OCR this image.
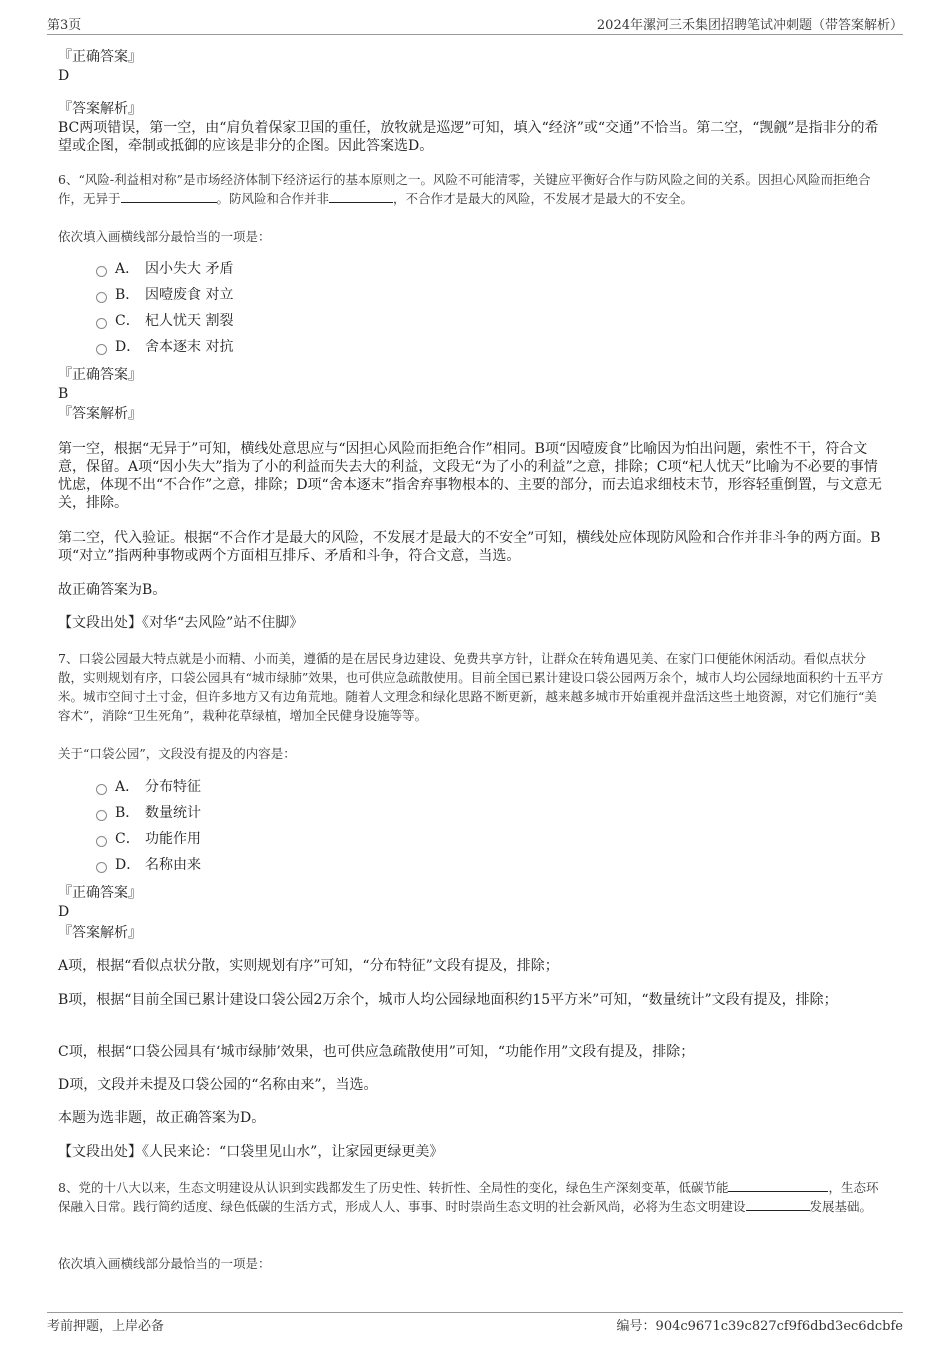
第3页	2024年漯河三禾集团招聘笔试冲刺题（带答案解析）
『正确答案』
D
『答案解析』
BC两项错误，第一空，由“肩负着保家卫国的重任，放牧就是巡逻”可知，填入“经济”或“交通”不恰当。第二空，“觊觎”是指非分的希望或企图，牵制或抵御的应该是非分的企图。因此答案选D。
6、“风险-利益相对称”是市场经济体制下经济运行的基本原则之一。风险不可能清零，关键应平衡好合作与防风险之间的关系。因担心风险而拒绝合作，无异于	。防风险和合作并非	，不合作才是最大的风险，不发展才是最大的不安全。
依次填入画横线部分最恰当的一项是：
A． 因小失大 矛盾
B． 因噎废食 对立
C． 杞人忧天 割裂
D． 舍本逐末 对抗
『正确答案』
B
『答案解析』
第一空，根据“无异于”可知，横线处意思应与“因担心风险而拒绝合作”相同。B项“因噎废食”比喻因为怕出问题，索性不干，符合文意，保留。A项“因小失大”指为了小的利益而失去大的利益，文段无“为了小的利益”之意，排除；C项“杞人忧天”比喻为不必要的事情忧虑，体现不出“不合作”之意，排除；D项“舍本逐末”指舍弃事物根本的、主要的部分，而去追求细枝末节，形容轻重倒置，与文意无关，排除。
第二空，代入验证。根据“不合作才是最大的风险，不发展才是最大的不安全”可知，横线处应体现防风险和合作并非斗争的两方面。B项“对立”指两种事物或两个方面相互排斥、矛盾和斗争，符合文意，当选。
故正确答案为B。
【文段出处】《对华“去风险”站不住脚》
7、口袋公园最大特点就是小而精、小而美，遵循的是在居民身边建设、免费共享方针，让群众在转角遇见美、在家门口便能休闲活动。看似点状分散，实则规划有序，口袋公园具有“城市绿肺”效果，也可供应急疏散使用。目前全国已累计建设口袋公园两万余个，城市人均公园绿地面积约十五平方米。城市空间寸土寸金，但许多地方又有边角荒地。随着人文理念和绿化思路不断更新，越来越多城市开始重视并盘活这些土地资源，对它们施行“美容术”，消除“卫生死角”，栽种花草绿植，增加全民健身设施等等。
关于“口袋公园”，文段没有提及的内容是：
A． 分布特征
B． 数量统计
C． 功能作用
D． 名称由来
『正确答案』
D
『答案解析』
A项，根据“看似点状分散，实则规划有序”可知，“分布特征”文段有提及，排除；
B项，根据“目前全国已累计建设口袋公园2万余个，城市人均公园绿地面积约15平方米”可知，“数量统计”文段有提及，排除；
C项，根据“口袋公园具有‘城市绿肺’效果，也可供应急疏散使用”可知，“功能作用”文段有提及，排除；
D项，文段并未提及口袋公园的“名称由来”，当选。
本题为选非题，故正确答案为D。
【文段出处】《人民来论：“口袋里见山水”，让家园更绿更美》
8、党的十八大以来，生态文明建设从认识到实践都发生了历史性、转折性、全局性的变化，绿色生产深刻变革，低碳节能	，生态环保融入日常。践行简约适度、绿色低碳的生活方式，形成人人、事事、时时崇尚生态文明的社会新风尚，必将为生态文明建设	发展基础。
依次填入画横线部分最恰当的一项是：
考前押题，上岸必备	编号：904c9671c39c827cf9f6dbd3ec6dcbfe
